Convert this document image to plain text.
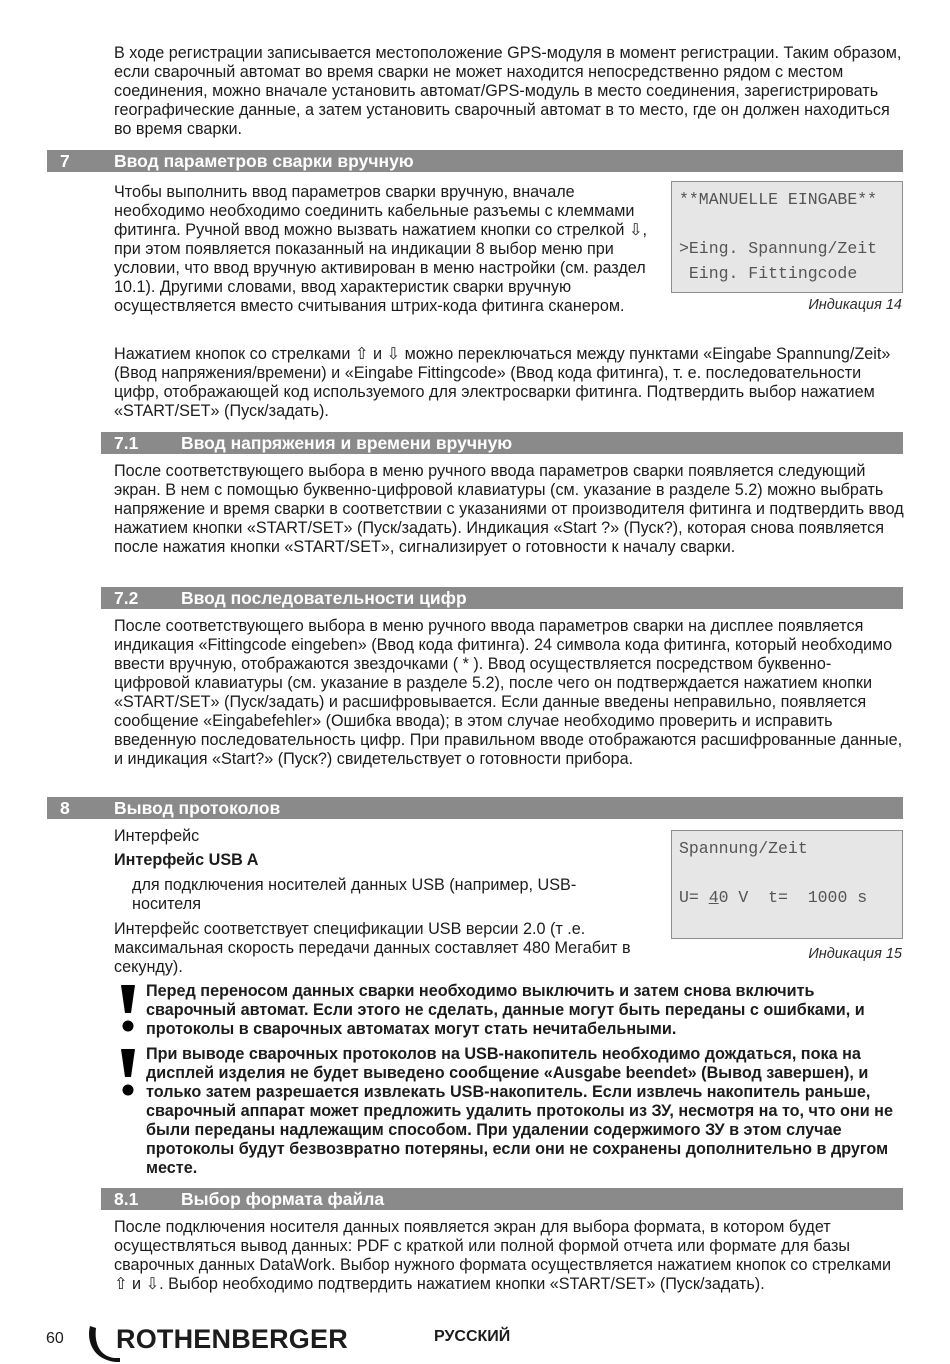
В ходе регистрации записывается местоположение GPS-модуля в момент регистрации. Таким образом, если сварочный автомат во время сварки не может находится непосредственно рядом с местом соединения, можно вначале установить автомат/GPS-модуль в место соединения, зарегистрировать географические данные, а затем установить сварочный автомат в то место, где он должен находиться во время сварки.

7	Ввод параметров сварки вручную

Чтобы выполнить ввод параметров сварки вручную, вначале необходимо необходимо соединить кабельные разъемы с клеммами фитинга. Ручной ввод можно вызвать нажатием кнопки со стрелкой ⇩, при этом появляется показанный на индикации 8 выбор меню при условии, что ввод вручную активирован в меню настройки (см. раздел 10.1). Другими словами, ввод характеристик сварки вручную осуществляется вместо считывания штрих-кода фитинга сканером.

**MANUELLE EINGABE**

>Eing. Spannung/Zeit

Eing. Fittingcode

Индикация 14

Нажатием кнопок со стрелками ⇧ и ⇩ можно переключаться между пунктами «Eingabe Spannung/Zeit» (Ввод напряжения/времени) и «Eingabe Fittingcode» (Ввод кода фитинга), т. е. последовательности цифр, отображающей код используемого для электросварки фитинга. Подтвердить выбор нажатием «START/SET» (Пуск/задать).

7.1 Ввод напряжения и времени вручную

После соответствующего выбора в меню ручного ввода параметров сварки появляется следующий экран. В нем с помощью буквенно-цифровой клавиатуры (см. указание в разделе 5.2) можно выбрать напряжение и время сварки в соответствии с указаниями от производителя фитинга и подтвердить ввод нажатием кнопки «START/SET» (Пуск/задать). Индикация «Start ?» (Пуск?), которая снова появляется после нажатия кнопки «START/SET», сигнализирует о готовности к началу сварки.

7.2 Ввод последовательности цифр

После соответствующего выбора в меню ручного ввода параметров сварки на дисплее появляется индикация «Fittingcode eingeben» (Ввод кода фитинга). 24 символа кода фитинга, который необходимо ввести вручную, отображаются звездочками ( * ). Ввод осуществляется посредством буквенно-цифровой клавиатуры (см. указание в разделе 5.2), после чего он подтверждается нажатием кнопки «START/SET» (Пуск/задать) и расшифровывается. Если данные введены неправильно, появляется сообщение «Eingabefehler» (Ошибка ввода); в этом случае необходимо проверить и исправить введенную последовательность цифр. При правильном вводе отображаются расшифрованные данные, и индикация «Start?» (Пуск?) свидетельствует о готовности прибора.

8	Вывод протоколов

Интерфейс

Интерфейс USB A

для подключения носителей данных USB (например, USB-носителя

Интерфейс соответствует спецификации USB версии 2.0 (т .е. максимальная скорость передачи данных составляет 480 Мегабит в секунду).

Spannung/Zeit

U= 40 V  t=  1000 s

Индикация 15

Перед переносом данных сварки необходимо выключить и затем снова включить сварочный автомат. Если этого не сделать, данные могут быть переданы с ошибками, и протоколы в сварочных автоматах могут стать нечитабельными.

При выводе сварочных протоколов на USB-накопитель необходимо дождаться, пока на дисплей изделия не будет выведено сообщение «Ausgabe beendet» (Вывод завершен), и только затем разрешается извлекать USB-накопитель. Если извлечь накопитель раньше, сварочный аппарат может предложить удалить протоколы из ЗУ, несмотря на то, что они не были переданы надлежащим способом. При удалении содержимого ЗУ в этом случае протоколы будут безвозвратно потеряны, если они не сохранены дополнительно в другом месте.

8.1 Выбор формата файла

После подключения носителя данных появляется экран для выбора формата, в котором будет осуществляться вывод данных: PDF с краткой или полной формой отчета или формате для базы сварочных данных DataWork. Выбор нужного формата осуществляется нажатием кнопок со стрелками ⇧ и ⇩. Выбор необходимо подтвердить нажатием кнопки «START/SET» (Пуск/задать).

60 ROTHENBERGER	РУССКИЙ
